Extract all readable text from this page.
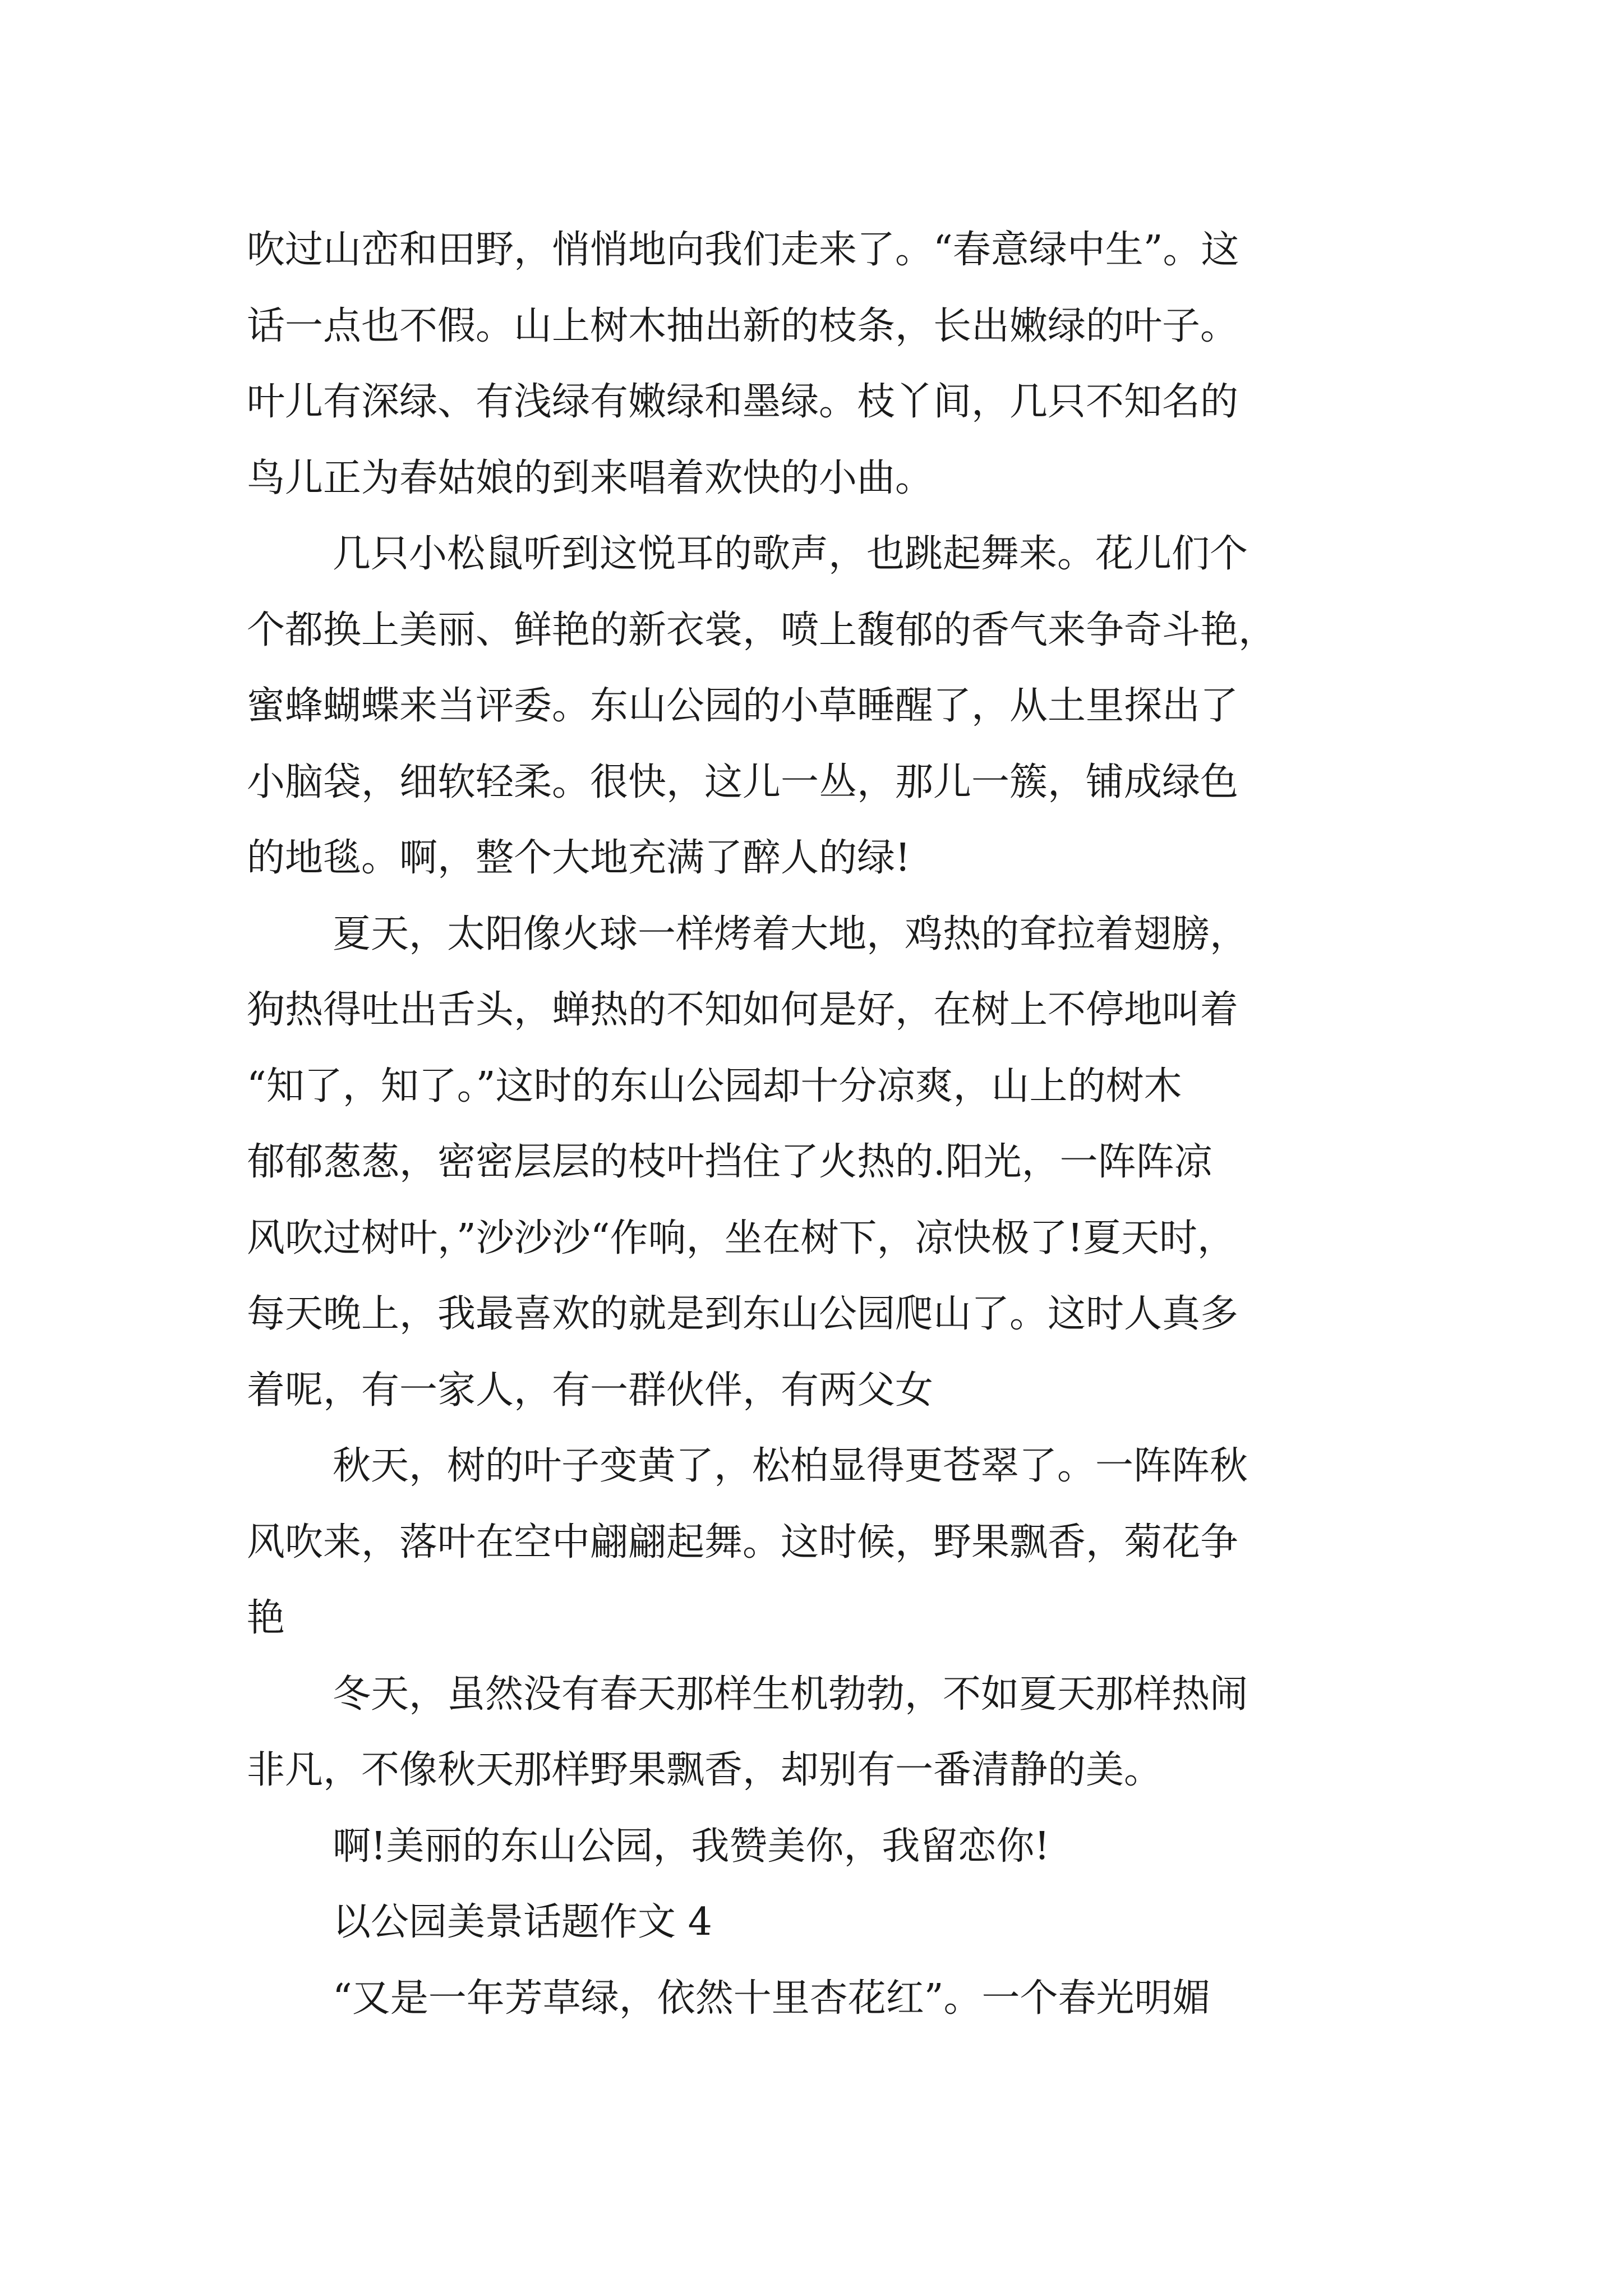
吹过山峦和田野，悄悄地向我们走来了。“春意绿中生”。这

话一点也不假。山上树木抽出新的枝条，长出嫩绿的叶子。

叶儿有深绿、有浅绿有嫩绿和墨绿。枝丫间，几只不知名的

鸟儿正为春姑娘的到来唱着欢快的小曲。

几只小松鼠听到这悦耳的歌声，也跳起舞来。花儿们个

个都换上美丽、鲜艳的新衣裳，喷上馥郁的香气来争奇斗艳，

蜜蜂蝴蝶来当评委。东山公园的小草睡醒了，从土里探出了

小脑袋，细软轻柔。很快，这儿一丛，那儿一簇，铺成绿色

的地毯。啊，整个大地充满了醉人的绿!

夏天，太阳像火球一样烤着大地，鸡热的耷拉着翅膀，

狗热得吐出舌头，蝉热的不知如何是好，在树上不停地叫着

“知了，知了。”这时的东山公园却十分凉爽，山上的树木

郁郁葱葱，密密层层的枝叶挡住了火热的.阳光，一阵阵凉

风吹过树叶，”沙沙沙“作响，坐在树下，凉快极了!夏天时，

每天晚上，我最喜欢的就是到东山公园爬山了。这时人真多

着呢，有一家人，有一群伙伴，有两父女

秋天，树的叶子变黄了，松柏显得更苍翠了。一阵阵秋

风吹来，落叶在空中翩翩起舞。这时候，野果飘香，菊花争

艳

冬天，虽然没有春天那样生机勃勃，不如夏天那样热闹

非凡，不像秋天那样野果飘香，却别有一番清静的美。

啊!美丽的东山公园，我赞美你，我留恋你!

以公园美景话题作文 4

“又是一年芳草绿，依然十里杏花红”。一个春光明媚
